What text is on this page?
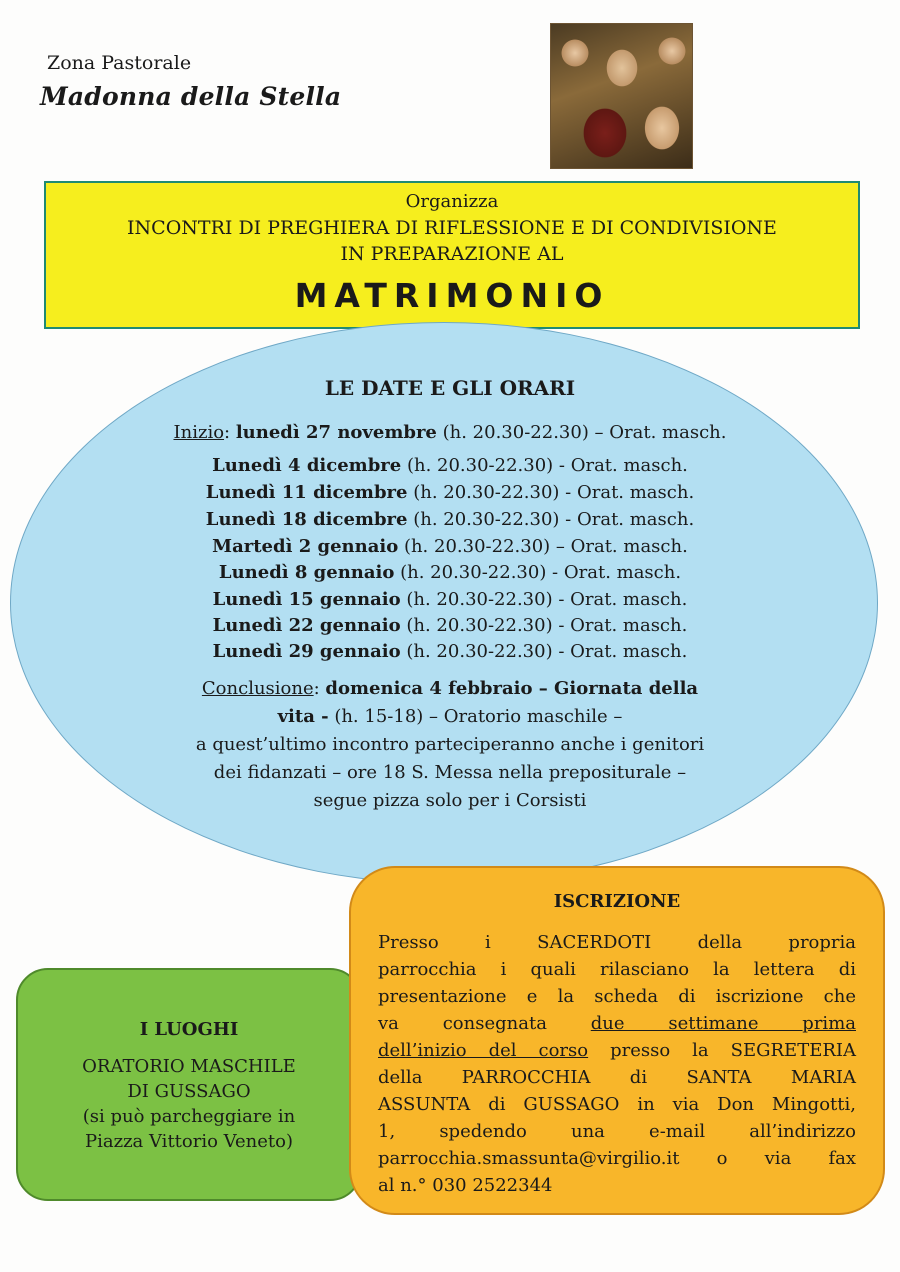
Zona Pastorale
Madonna della Stella
Organizza
INCONTRI DI PREGHIERA DI RIFLESSIONE E DI CONDIVISIONE
IN PREPARAZIONE AL
MATRIMONIO
LE DATE E GLI ORARI
Inizio: lunedì 27 novembre (h. 20.30-22.30) – Orat. masch.
Lunedì 4 dicembre (h. 20.30-22.30) - Orat. masch.
Lunedì 11 dicembre (h. 20.30-22.30) - Orat. masch.
Lunedì 18 dicembre (h. 20.30-22.30) - Orat. masch.
Martedì 2 gennaio (h. 20.30-22.30) – Orat. masch.
Lunedì 8 gennaio (h. 20.30-22.30) - Orat. masch.
Lunedì 15 gennaio (h. 20.30-22.30) - Orat. masch.
Lunedì 22 gennaio (h. 20.30-22.30) - Orat. masch.
Lunedì 29 gennaio (h. 20.30-22.30) - Orat. masch.
Conclusione: domenica 4 febbraio – Giornata della
vita - (h. 15-18) – Oratorio maschile –
a quest’ultimo incontro parteciperanno anche i genitori
dei fidanzati – ore 18 S. Messa nella prepositurale –
segue pizza solo per i Corsisti
I LUOGHI
ORATORIO MASCHILE
DI GUSSAGO
(si può parcheggiare in
Piazza Vittorio Veneto)
ISCRIZIONE
Presso i SACERDOTI della propria
parrocchia i quali rilasciano la lettera di
presentazione e la scheda di iscrizione che
va consegnata due settimane prima
dell’inizio del corso presso la SEGRETERIA
della PARROCCHIA di SANTA MARIA
ASSUNTA di GUSSAGO in via Don Mingotti,
1, spedendo una e-mail all’indirizzo
parrocchia.smassunta@virgilio.it o via fax
al n.° 030 2522344
